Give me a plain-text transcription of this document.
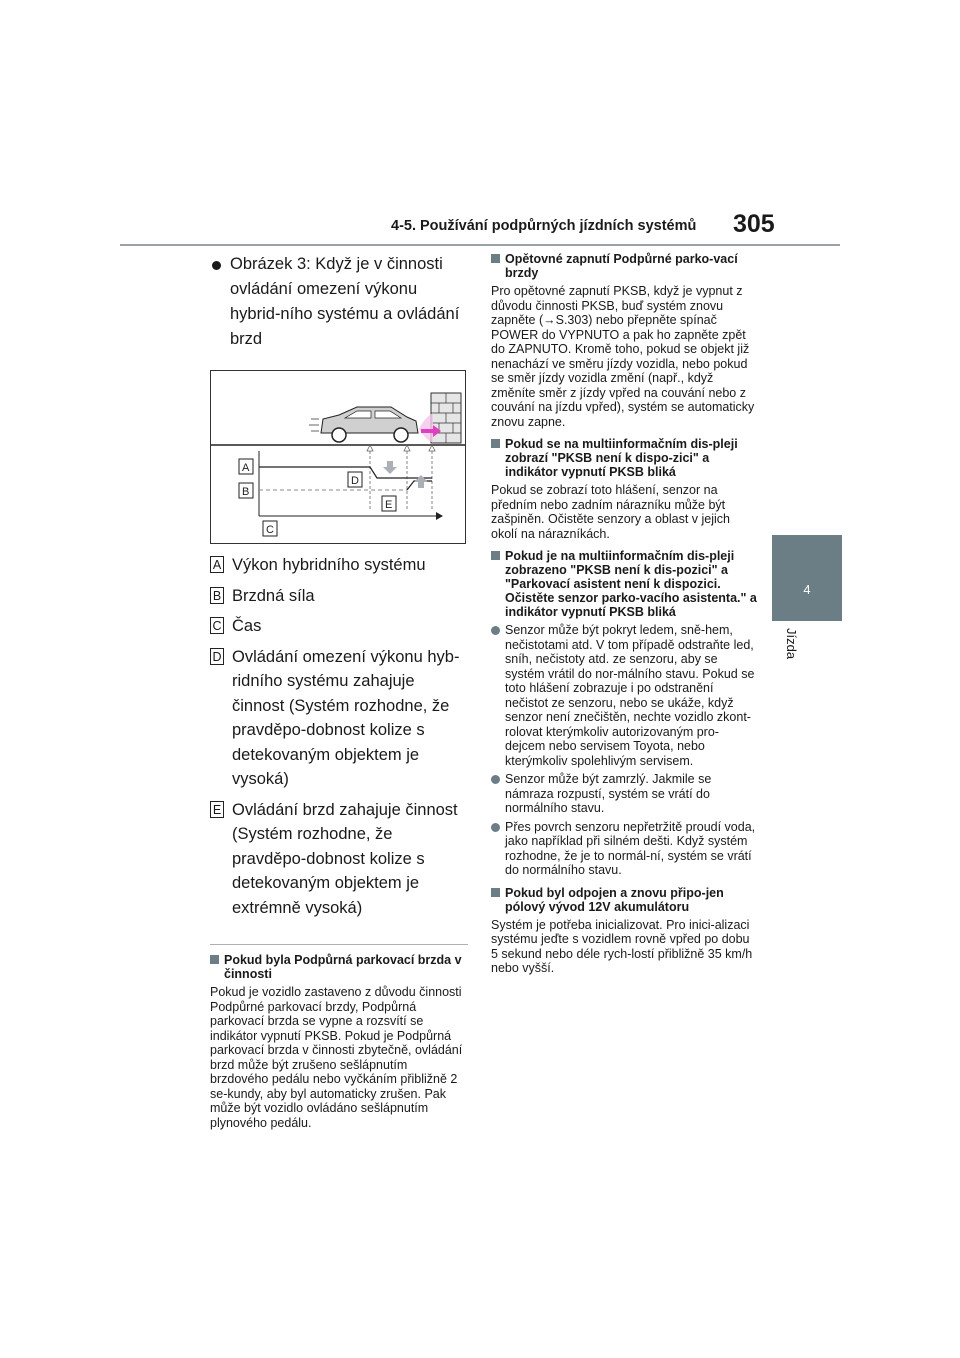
4-5. Používání podpůrných jízdních systémů 305
4
Jízda
Obrázek 3: Když je v činnosti ovládání omezení výkonu hybrid-ního systému a ovládání brzd
A
B
C
D
E
A Výkon hybridního systému
B Brzdná síla
C Čas
D Ovládání omezení výkonu hyb-ridního systému zahajuje činnost (Systém rozhodne, že pravděpo-dobnost kolize s detekovaným objektem je vysoká)
E Ovládání brzd zahajuje činnost (Systém rozhodne, že pravděpo-dobnost kolize s detekovaným objektem je extrémně vysoká)
Pokud byla Podpůrná parkovací brzda v činnosti
Pokud je vozidlo zastaveno z důvodu činnosti Podpůrné parkovací brzdy, Podpůrná parkovací brzda se vypne a rozsvítí se indikátor vypnutí PKSB. Pokud je Podpůrná parkovací brzda v činnosti zbytečně, ovládání brzd může být zrušeno sešlápnutím brzdového pedálu nebo vyčkáním přibližně 2 se-kundy, aby byl automaticky zrušen. Pak může být vozidlo ovládáno sešlápnutím plynového pedálu.
Opětovné zapnutí Podpůrné parko-vací brzdy
Pro opětovné zapnutí PKSB, když je vypnut z důvodu činnosti PKSB, buď systém znovu zapněte (→S.303) nebo přepněte spínač POWER do VYPNUTO a pak ho zapněte zpět do ZAPNUTO. Kromě toho, pokud se objekt již nenachází ve směru jízdy vozidla, nebo pokud se směr jízdy vozidla změní (např., když změníte směr z jízdy vpřed na couvání nebo z couvání na jízdu vpřed), systém se automaticky znovu zapne.
Pokud se na multiinformačním dis-pleji zobrazí "PKSB není k dispo-zici" a indikátor vypnutí PKSB bliká
Pokud se zobrazí toto hlášení, senzor na předním nebo zadním nárazníku může být zašpiněn. Očistěte senzory a oblast v jejich okolí na nárazníkách.
Pokud je na multiinformačním dis-pleji zobrazeno "PKSB není k dis-pozici" a "Parkovací asistent není k dispozici. Očistěte senzor parko-vacího asistenta." a indikátor vypnutí PKSB bliká
Senzor může být pokryt ledem, sně-hem, nečistotami atd. V tom případě odstraňte led, sníh, nečistoty atd. ze senzoru, aby se systém vrátil do nor-málního stavu. Pokud se toto hlášení zobrazuje i po odstranění nečistot ze senzoru, nebo se ukáže, když senzor není znečištěn, nechte vozidlo zkont-rolovat kterýmkoliv autorizovaným pro-dejcem nebo servisem Toyota, nebo kterýmkoliv spolehlivým servisem.
Senzor může být zamrzlý. Jakmile se námraza rozpustí, systém se vrátí do normálního stavu.
Přes povrch senzoru nepřetržitě proudí voda, jako například při silném dešti. Když systém rozhodne, že je to normál-ní, systém se vrátí do normálního stavu.
Pokud byl odpojen a znovu připo-jen pólový vývod 12V akumulátoru
Systém je potřeba inicializovat. Pro inici-alizaci systému jeďte s vozidlem rovně vpřed po dobu 5 sekund nebo déle rych-lostí přibližně 35 km/h nebo vyšší.
